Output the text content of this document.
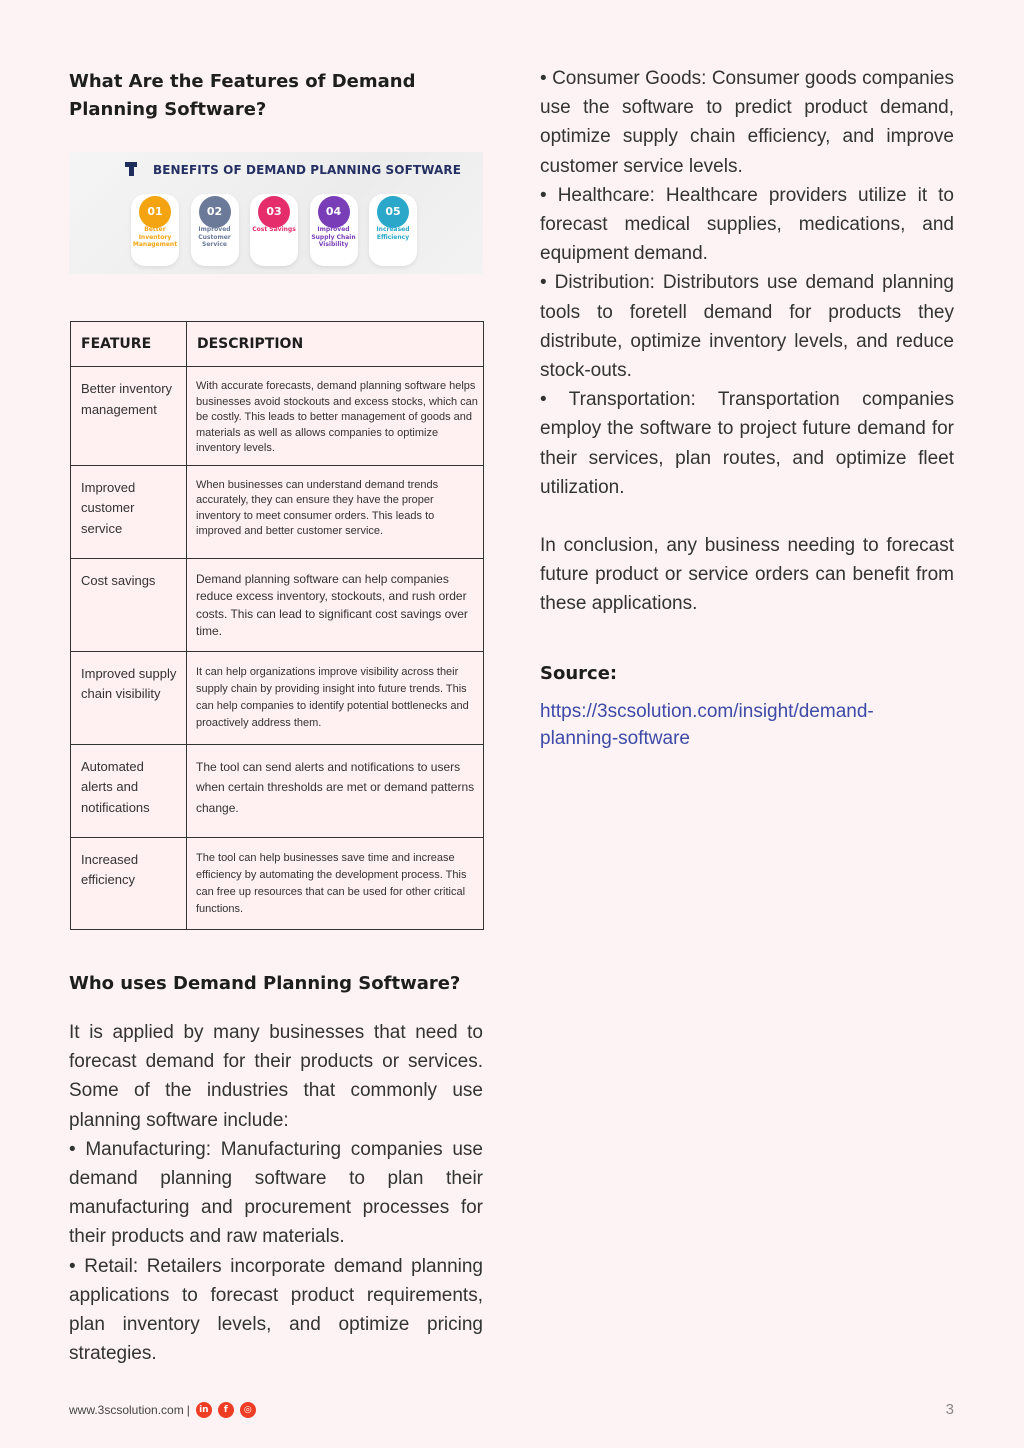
What Are the Features of Demand Planning Software?
BENEFITS OF DEMAND PLANNING SOFTWARE
01
Better Inventory Management
02
Improved Customer Service
03
Cost Savings
04
Improved Supply Chain Visibility
05
Increased Efficiency
FEATURE	DESCRIPTION
Better inventory management	With accurate forecasts, demand planning software helps businesses avoid stockouts and excess stocks, which can be costly. This leads to better management of goods and materials as well as allows companies to optimize inventory levels.
Improved customer service	When businesses can understand demand trends accurately, they can ensure they have the proper inventory to meet consumer orders. This leads to improved and better customer service.
Cost savings	Demand planning software can help companies reduce excess inventory, stockouts, and rush order costs. This can lead to significant cost savings over time.
Improved supply chain visibility	It can help organizations improve visibility across their supply chain by providing insight into future trends. This can help companies to identify potential bottlenecks and proactively address them.
Automated alerts and notifications	The tool can send alerts and notifications to users when certain thresholds are met or demand patterns change.
Increased efficiency	The tool can help businesses save time and increase efficiency by automating the development process. This can free up resources that can be used for other critical functions.
Who uses Demand Planning Software?

It is applied by many businesses that need to forecast demand for their products or services. Some of the industries that commonly use planning software include:

• Manufacturing: Manufacturing companies use demand planning software to plan their manufacturing and procurement processes for their products and raw materials.

• Retail: Retailers incorporate demand planning applications to forecast product requirements, plan inventory levels, and optimize pricing strategies.

• Consumer Goods: Consumer goods companies use the software to predict product demand, optimize supply chain efficiency, and improve customer service levels.

• Healthcare: Healthcare providers utilize it to forecast medical supplies, medications, and equipment demand.

• Distribution: Distributors use demand planning tools to foretell demand for products they distribute, optimize inventory levels, and reduce stock-outs.

• Transportation: Transportation companies employ the software to project future demand for their services, plan routes, and optimize fleet utilization.

In conclusion, any business needing to forecast future product or service orders can benefit from these applications.

Source:

https://3scsolution.com/insight/demand-planning-software
www.3scsolution.com |	in	f	◎	3
